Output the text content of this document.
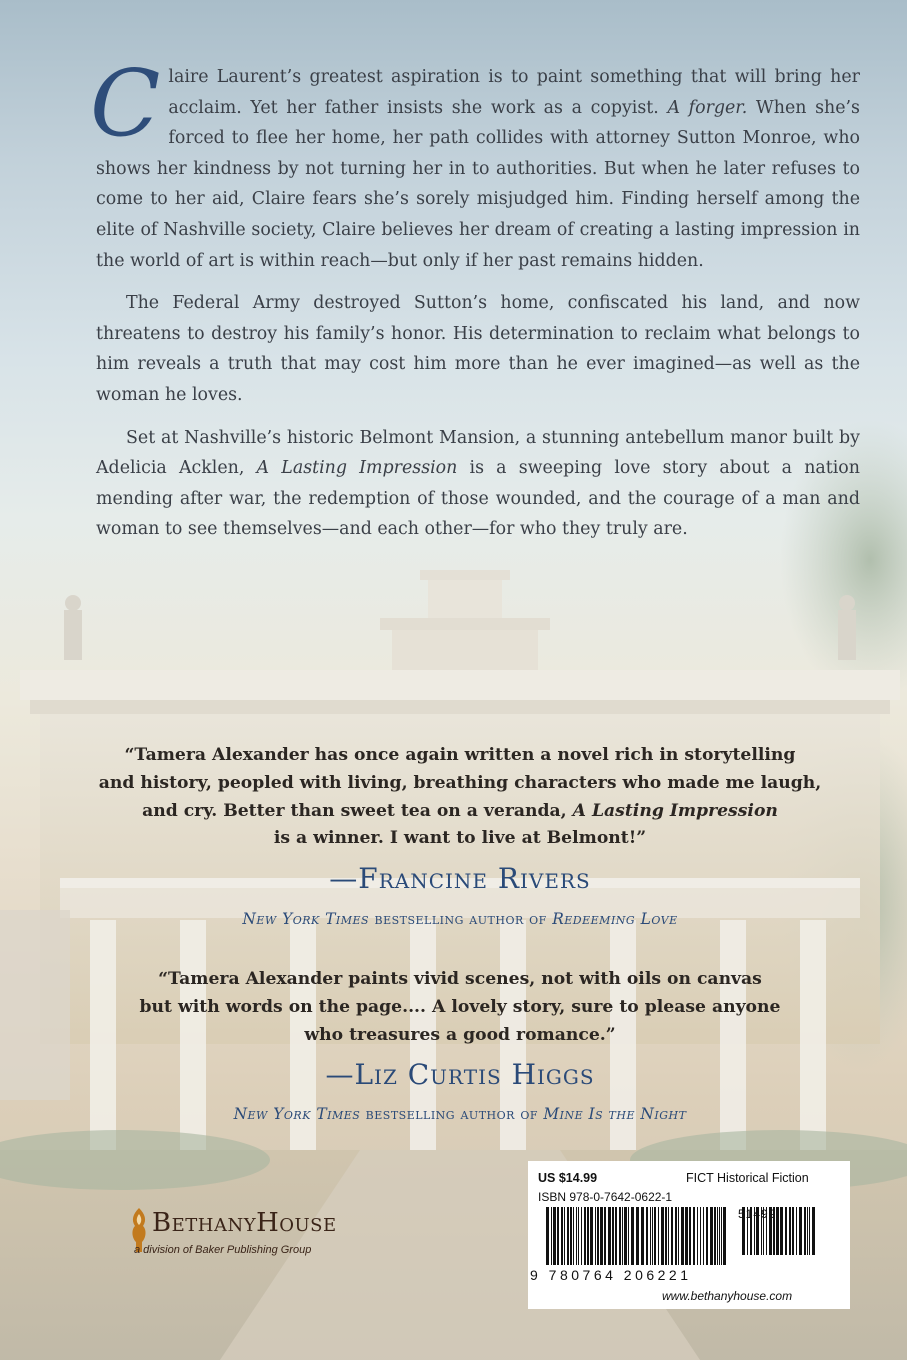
Claire Laurent’s greatest aspiration is to paint something that will bring her acclaim. Yet her father insists she work as a copyist. A forger. When she’s forced to flee her home, her path collides with attorney Sutton Monroe, who shows her kindness by not turning her in to authorities. But when he later refuses to come to her aid, Claire fears she’s sorely misjudged him. Finding herself among the elite of Nashville society, Claire believes her dream of creating a lasting impression in the world of art is within reach—but only if her past remains hidden.

The Federal Army destroyed Sutton’s home, confiscated his land, and now threatens to destroy his family’s honor. His determination to reclaim what belongs to him reveals a truth that may cost him more than he ever imagined—as well as the woman he loves.

Set at Nashville’s historic Belmont Mansion, a stunning antebellum manor built by Adelicia Acklen, A Lasting Impression is a sweeping love story about a nation mending after war, the redemption of those wounded, and the courage of a man and woman to see themselves—and each other—for who they truly are.

“Tamera Alexander has once again written a novel rich in storytelling
and history, peopled with living, breathing characters who made me laugh,
and cry. Better than sweet tea on a veranda, A Lasting Impression
is a winner. I want to live at Belmont!”
—Francine Rivers
New York Times bestselling author of Redeeming Love
“Tamera Alexander paints vivid scenes, not with oils on canvas
but with words on the page.... A lovely story, sure to please anyone
who treasures a good romance.”
—Liz Curtis Higgs
New York Times bestselling author of Mine Is the Night
BethanyHouse
a division of Baker Publishing Group
US $14.99	FICT Historical Fiction
ISBN 978-0-7642-0622-1
51499
9 780764 206221
www.bethanyhouse.com
